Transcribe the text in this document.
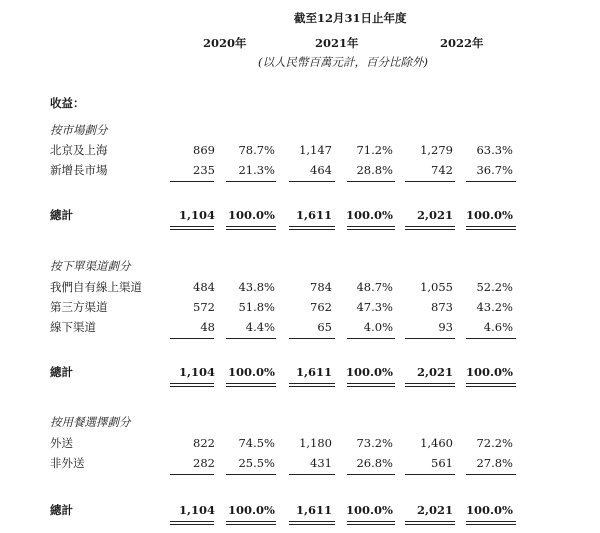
截至12月31日止年度
2020年	2021年	2022年
(以人民幣百萬元計，百分比除外)
收益：
按市場劃分
北京及上海	869 78.7% 1,147 71.2% 1,279 63.3%
新增長市場	235 21.3%	464 28.8%	742 36.7%
總計	1,104 100.0% 1,611 100.0% 2,021 100.0%
按下單渠道劃分
我們自有線上渠道	484 43.8%	784 48.7% 1,055 52.2%
第三方渠道	572 51.8%	762 47.3%	873 43.2%
線下渠道	48	4.4%	65	4.0%	93	4.6%
總計	1,104 100.0% 1,611 100.0% 2,021 100.0%
按用餐選擇劃分
外送	822 74.5% 1,180 73.2% 1,460 72.2%
非外送	282 25.5%	431 26.8%	561 27.8%
總計	1,104 100.0% 1,611 100.0% 2,021 100.0%
